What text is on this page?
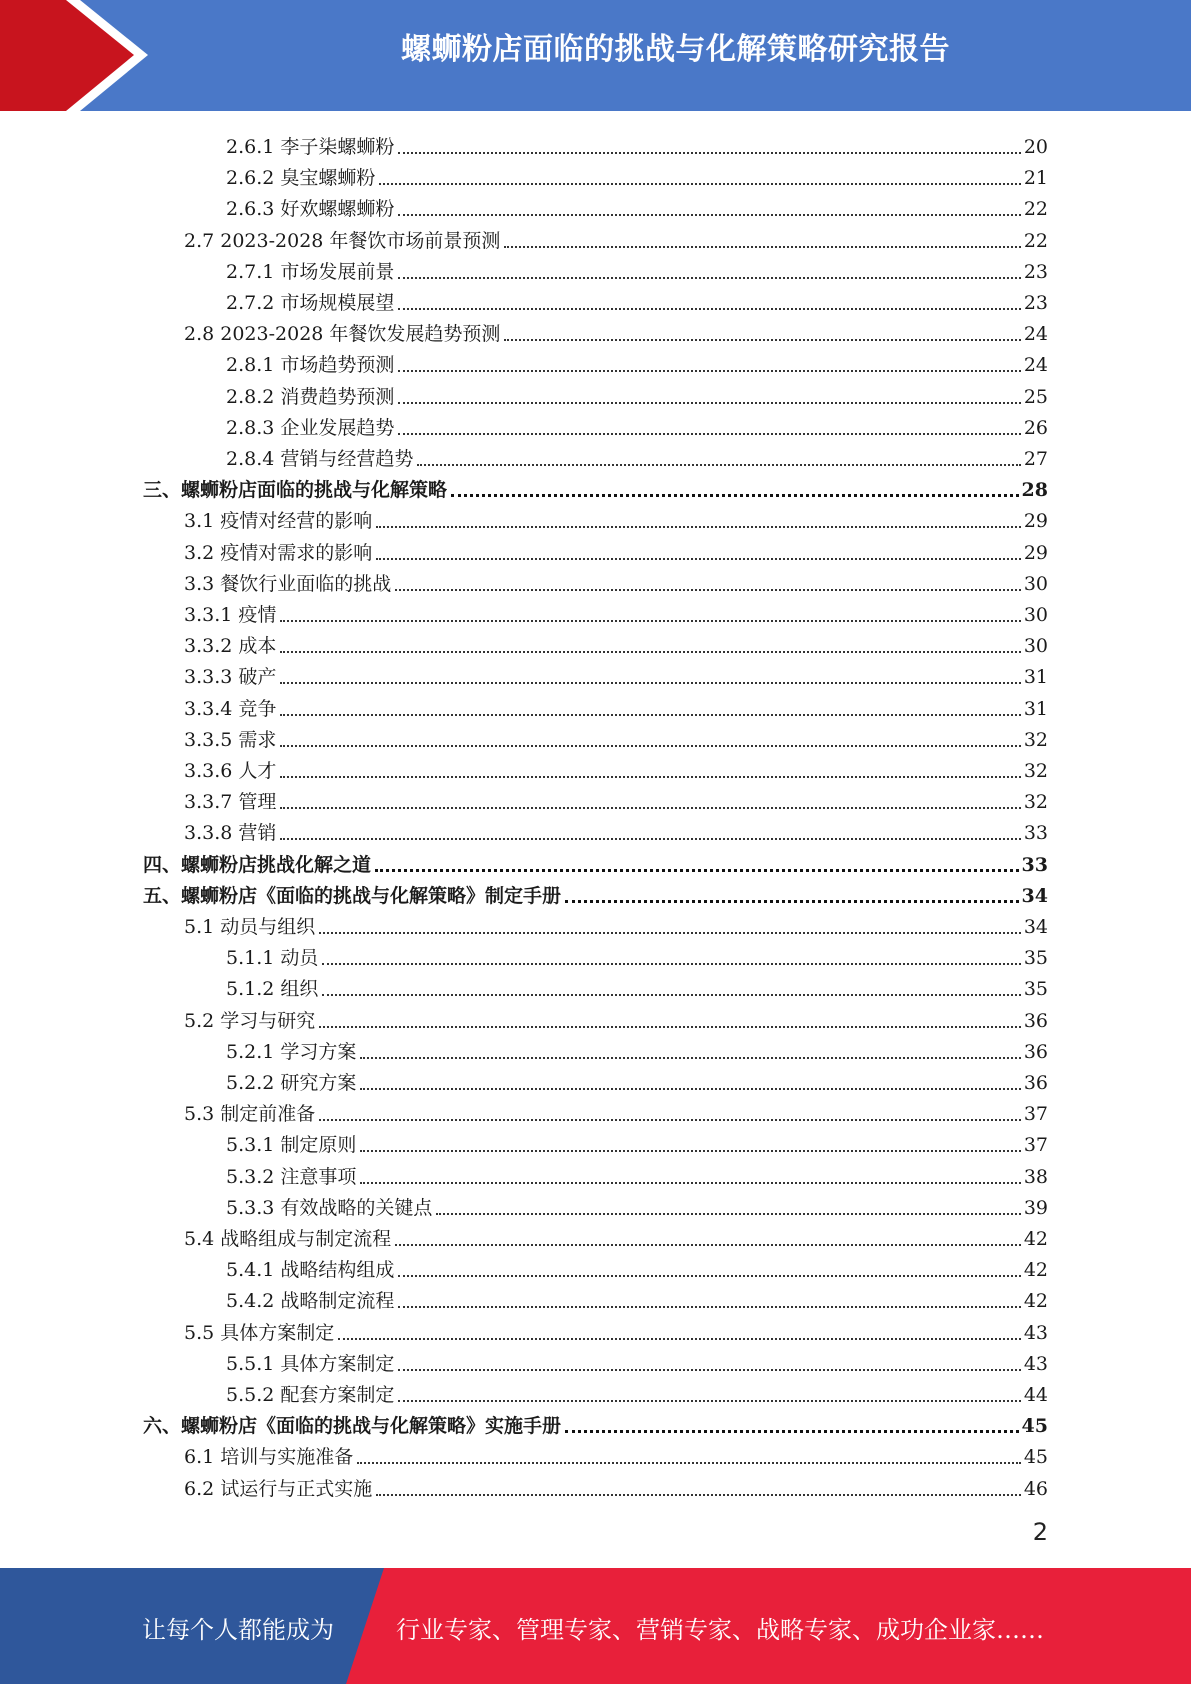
螺蛳粉店面临的挑战与化解策略研究报告
2.6.1 李子柒螺蛳粉	20
2.6.2 臭宝螺蛳粉	21
2.6.3 好欢螺螺蛳粉	22
2.7 2023-2028 年餐饮市场前景预测	22
2.7.1 市场发展前景	23
2.7.2 市场规模展望	23
2.8 2023-2028 年餐饮发展趋势预测	24
2.8.1 市场趋势预测	24
2.8.2 消费趋势预测	25
2.8.3 企业发展趋势	26
2.8.4 营销与经营趋势	27
三、螺蛳粉店面临的挑战与化解策略	28
3.1 疫情对经营的影响	29
3.2 疫情对需求的影响	29
3.3 餐饮行业面临的挑战	30
3.3.1 疫情	30
3.3.2 成本	30
3.3.3 破产	31
3.3.4 竞争	31
3.3.5 需求	32
3.3.6 人才	32
3.3.7 管理	32
3.3.8 营销	33
四、螺蛳粉店挑战化解之道	33
五、螺蛳粉店《面临的挑战与化解策略》制定手册	34
5.1 动员与组织	34
5.1.1 动员	35
5.1.2 组织	35
5.2 学习与研究	36
5.2.1 学习方案	36
5.2.2 研究方案	36
5.3 制定前准备	37
5.3.1 制定原则	37
5.3.2 注意事项	38
5.3.3 有效战略的关键点	39
5.4 战略组成与制定流程	42
5.4.1 战略结构组成	42
5.4.2 战略制定流程	42
5.5 具体方案制定	43
5.5.1 具体方案制定	43
5.5.2 配套方案制定	44
六、螺蛳粉店《面临的挑战与化解策略》实施手册	45
6.1 培训与实施准备	45
6.2 试运行与正式实施	46
2
让每个人都能成为	行业专家、管理专家、营销专家、战略专家、成功企业家……
